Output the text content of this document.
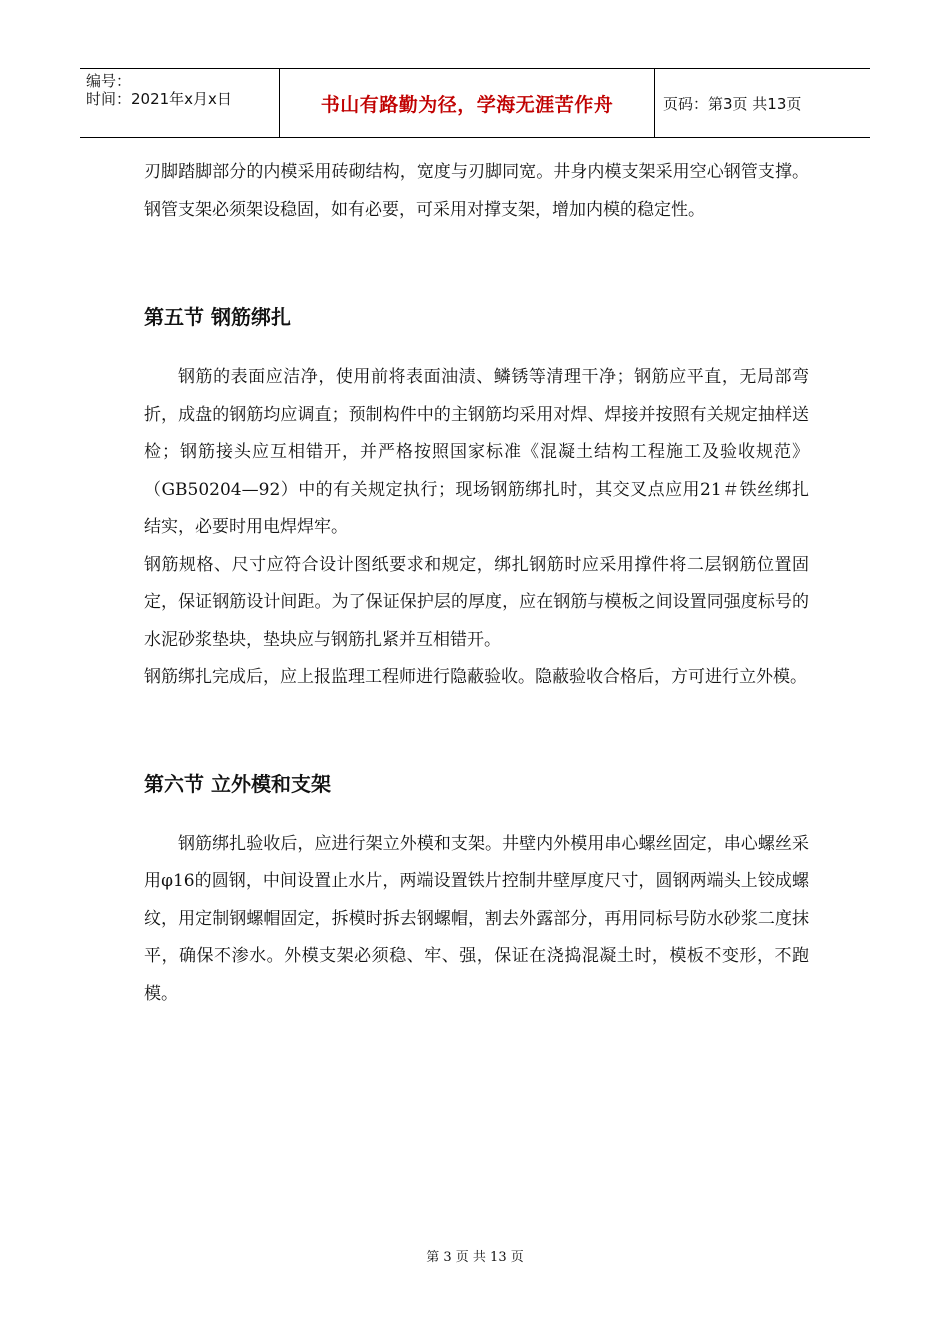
编号：
时间：2021年x月x日	书山有路勤为径，学海无涯苦作舟	页码：第3页 共13页

刃脚踏脚部分的内模采用砖砌结构，宽度与刃脚同宽。井身内模支架采用空心钢管支撑。钢管支架必须架设稳固，如有必要，可采用对撑支架，增加内模的稳定性。

第五节 钢筋绑扎

钢筋的表面应洁净，使用前将表面油渍、鳞锈等清理干净；钢筋应平直，无局部弯折，成盘的钢筋均应调直；预制构件中的主钢筋均采用对焊、焊接并按照有关规定抽样送检；钢筋接头应互相错开，并严格按照国家标准《混凝土结构工程施工及验收规范》（GB50204—92）中的有关规定执行；现场钢筋绑扎时，其交叉点应用21＃铁丝绑扎结实，必要时用电焊焊牢。

钢筋规格、尺寸应符合设计图纸要求和规定，绑扎钢筋时应采用撑件将二层钢筋位置固定，保证钢筋设计间距。为了保证保护层的厚度，应在钢筋与模板之间设置同强度标号的水泥砂浆垫块，垫块应与钢筋扎紧并互相错开。

钢筋绑扎完成后，应上报监理工程师进行隐蔽验收。隐蔽验收合格后，方可进行立外模。

第六节 立外模和支架

钢筋绑扎验收后，应进行架立外模和支架。井壁内外模用串心螺丝固定，串心螺丝采用φ16的圆钢，中间设置止水片，两端设置铁片控制井壁厚度尺寸，圆钢两端头上铰成螺纹，用定制钢螺帽固定，拆模时拆去钢螺帽，割去外露部分，再用同标号防水砂浆二度抹平，确保不渗水。外模支架必须稳、牢、强，保证在浇捣混凝土时，模板不变形，不跑模。

第 3 页 共 13 页
